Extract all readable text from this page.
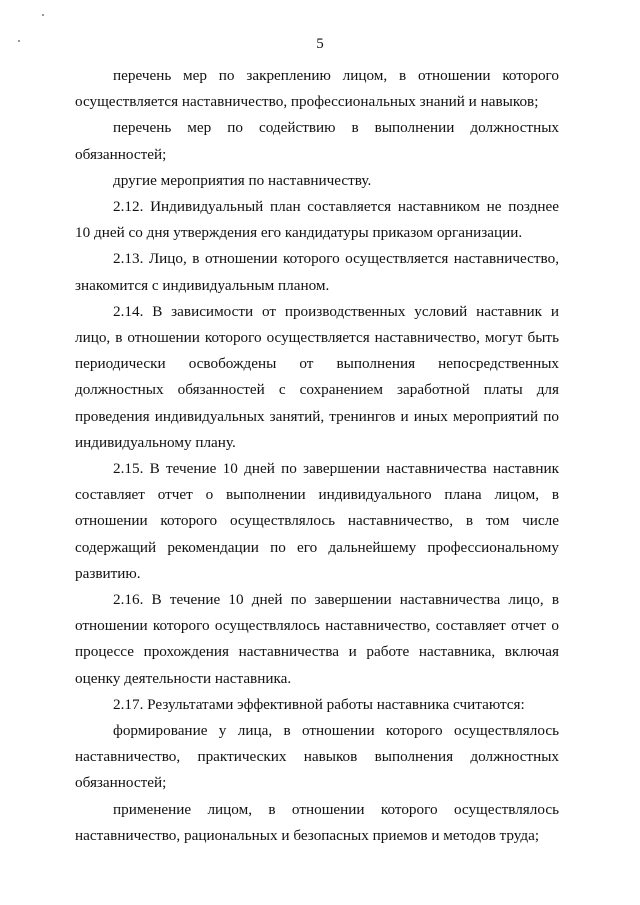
5

перечень мер по закреплению лицом, в отношении которого осуществляется наставничество, профессиональных знаний и навыков;

перечень мер по содействию в выполнении должностных обязанностей;

другие мероприятия по наставничеству.

2.12. Индивидуальный план составляется наставником не позднее 10 дней со дня утверждения его кандидатуры приказом организации.

2.13. Лицо, в отношении которого осуществляется наставничество, знакомится с индивидуальным планом.

2.14. В зависимости от производственных условий наставник и лицо, в отношении которого осуществляется наставничество, могут быть периодически освобождены от выполнения непосредственных должностных обязанностей с сохранением заработной платы для проведения индивидуальных занятий, тренингов и иных мероприятий по индивидуальному плану.

2.15. В течение 10 дней по завершении наставничества наставник составляет отчет о выполнении индивидуального плана лицом, в отношении которого осуществлялось наставничество, в том числе содержащий рекомендации по его дальнейшему профессиональному развитию.

2.16. В течение 10 дней по завершении наставничества лицо, в отношении которого осуществлялось наставничество, составляет отчет о процессе прохождения наставничества и работе наставника, включая оценку деятельности наставника.

2.17. Результатами эффективной работы наставника считаются:

формирование у лица, в отношении которого осуществлялось наставничество, практических навыков выполнения должностных обязанностей;

применение лицом, в отношении которого осуществлялось наставничество, рациональных и безопасных приемов и методов труда;
